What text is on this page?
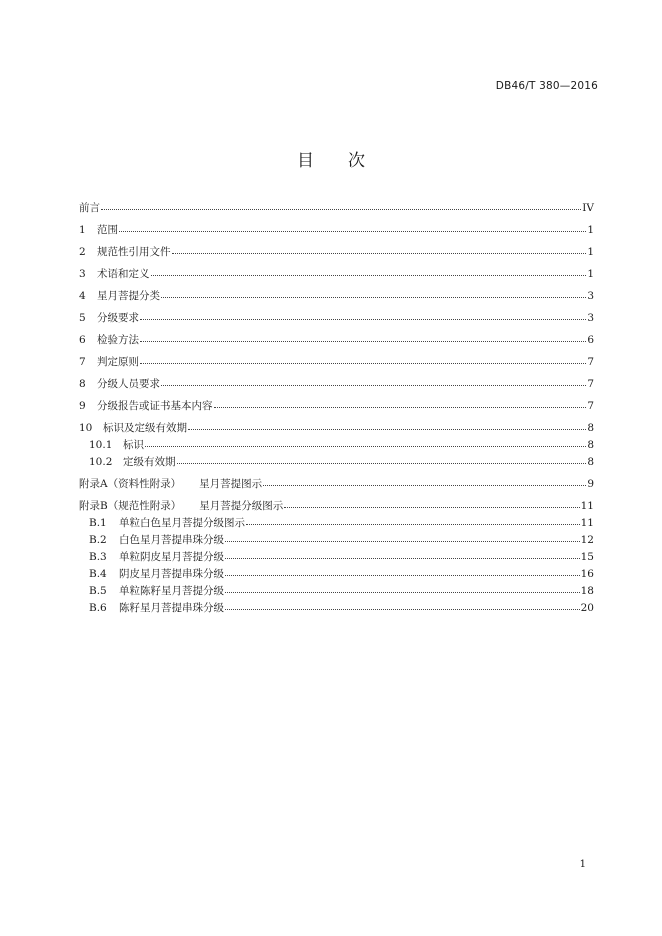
DB46/T 380—2016
目 次
前言	IV
1	范围	1
2	规范性引用文件	1
3	术语和定义	1
4	星月菩提分类	3
5	分级要求	3
6	检验方法	6
7	判定原则	7
8	分级人员要求	7
9	分级报告或证书基本内容	7
10	标识及定级有效期	8
10.1	标识	8
10.2	定级有效期	8
附录A（资料性附录） 星月菩提图示	9
附录B（规范性附录） 星月菩提分级图示	11
B.1	单粒白色星月菩提分级图示	11
B.2	白色星月菩提串珠分级	12
B.3	单粒阴皮星月菩提分级	15
B.4	阴皮星月菩提串珠分级	16
B.5	单粒陈籽星月菩提分级	18
B.6	陈籽星月菩提串珠分级	20
1
